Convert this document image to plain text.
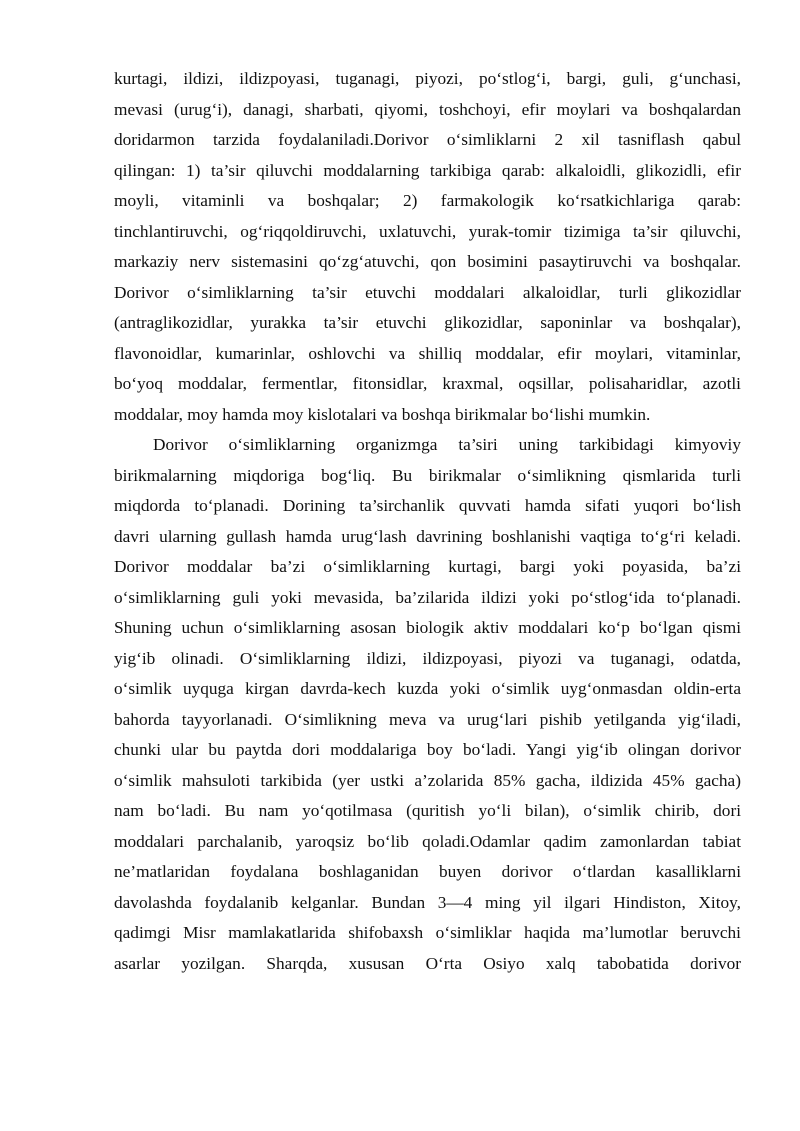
kurtagi, ildizi, ildizpoyasi, tuganagi, piyozi, po‘stlog‘i, bargi, guli, g‘unchasi,
mevasi (urug‘i), danagi, sharbati, qiyomi, toshchoyi, efir moylari va boshqalardan
doridarmon tarzida foydalaniladi.Dorivor o‘simliklarni 2 xil tasniflash qabul
qilingan: 1) ta’sir qiluvchi moddalarning tarkibiga qarab: alkaloidli, glikozidli, efir
moyli, vitaminli va boshqalar; 2) farmakologik ko‘rsatkichlariga qarab:
tinchlantiruvchi, og‘riqqoldiruvchi, uxlatuvchi, yurak-tomir tizimiga ta’sir qiluvchi,
markaziy nerv sistemasini qo‘zg‘atuvchi, qon bosimini pasaytiruvchi va boshqalar.
Dorivor o‘simliklarning ta’sir etuvchi moddalari alkaloidlar, turli glikozidlar
(antraglikozidlar, yurakka ta’sir etuvchi glikozidlar, saponinlar va boshqalar),
flavonoidlar, kumarinlar, oshlovchi va shilliq moddalar, efir moylari, vitaminlar,
bo‘yoq moddalar, fermentlar, fitonsidlar, kraxmal, oqsillar, polisaharidlar, azotli
moddalar, moy hamda moy kislotalari va boshqa birikmalar bo‘lishi mumkin.
Dorivor o‘simliklarning organizmga ta’siri uning tarkibidagi kimyoviy
birikmalarning miqdoriga bog‘liq. Bu birikmalar o‘simlikning qismlarida turli
miqdorda to‘planadi. Dorining ta’sirchanlik quvvati hamda sifati yuqori bo‘lish
davri ularning gullash hamda urug‘lash davrining boshlanishi vaqtiga to‘g‘ri keladi.
Dorivor moddalar ba’zi o‘simliklarning kurtagi, bargi yoki poyasida, ba’zi
o‘simliklarning guli yoki mevasida, ba’zilarida ildizi yoki po‘stlog‘ida to‘planadi.
Shuning uchun o‘simliklarning asosan biologik aktiv moddalari ko‘p bo‘lgan qismi
yig‘ib olinadi. O‘simliklarning ildizi, ildizpoyasi, piyozi va tuganagi, odatda,
o‘simlik uyquga kirgan davrda-kech kuzda yoki o‘simlik uyg‘onmasdan oldin-erta
bahorda tayyorlanadi. O‘simlikning meva va urug‘lari pishib yetilganda yig‘iladi,
chunki ular bu paytda dori moddalariga boy bo‘ladi. Yangi yig‘ib olingan dorivor
o‘simlik mahsuloti tarkibida (yer ustki a’zolarida 85% gacha, ildizida 45% gacha)
nam bo‘ladi. Bu nam yo‘qotilmasa (quritish yo‘li bilan), o‘simlik chirib, dori
moddalari parchalanib, yaroqsiz bo‘lib qoladi.Odamlar qadim zamonlardan tabiat
ne’matlaridan foydalana boshlaganidan buyen dorivor o‘tlardan kasalliklarni
davolashda foydalanib kelganlar. Bundan 3—4 ming yil ilgari Hindiston, Xitoy,
qadimgi Misr mamlakatlarida shifobaxsh o‘simliklar haqida ma’lumotlar beruvchi
asarlar yozilgan. Sharqda, xususan O‘rta Osiyo xalq tabobatida dorivor
